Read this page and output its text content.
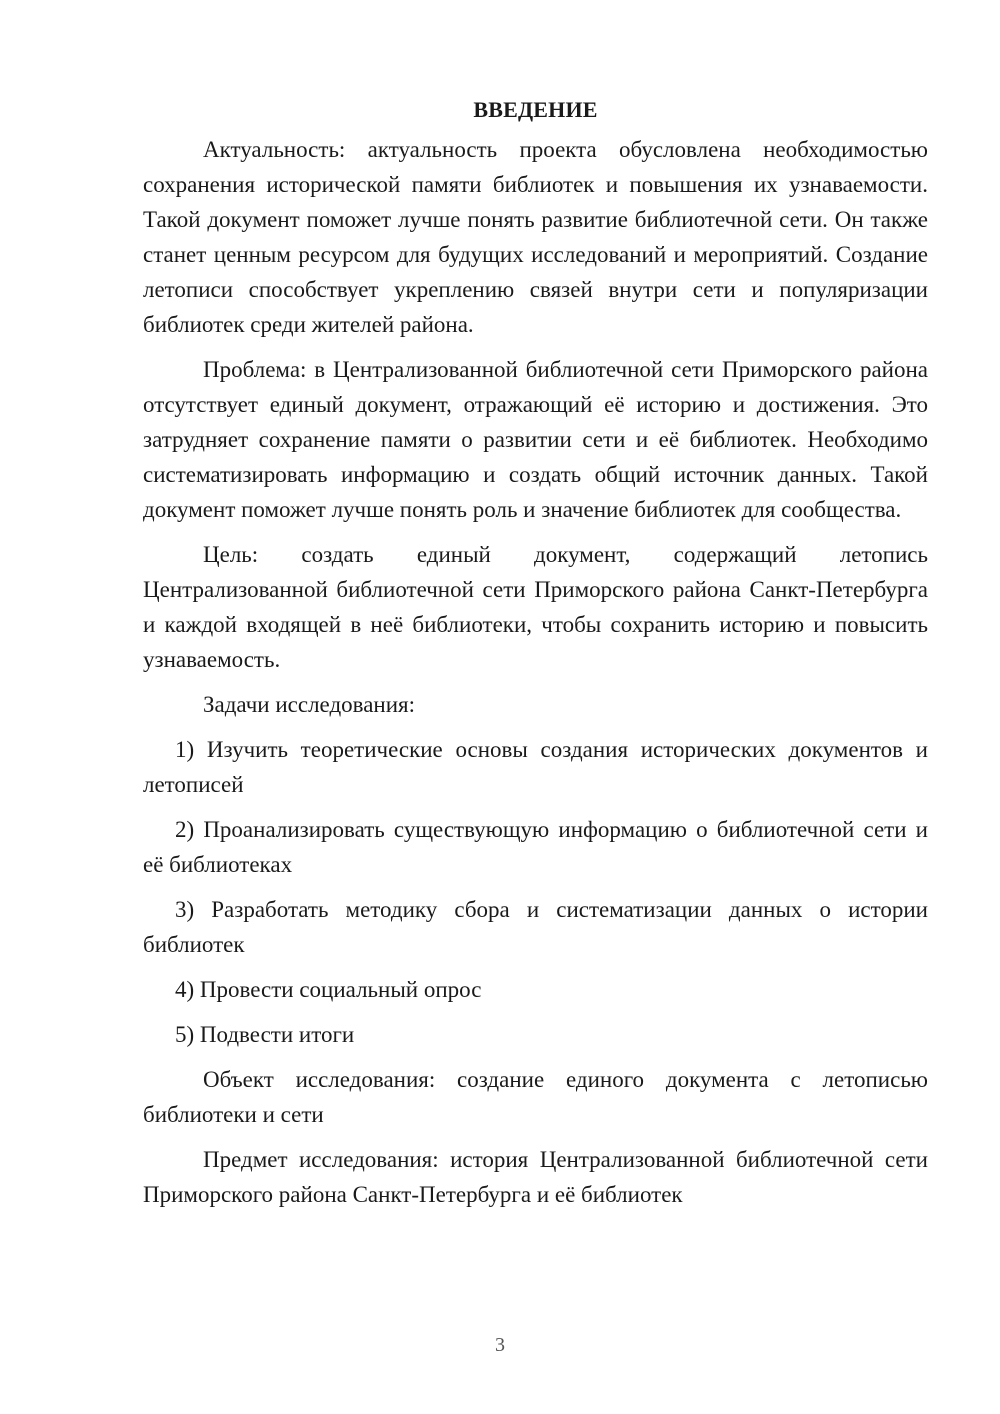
ВВЕДЕНИЕ

Актуальность: актуальность проекта обусловлена необходимостью сохранения исторической памяти библиотек и повышения их узнаваемости. Такой документ поможет лучше понять развитие библиотечной сети. Он также станет ценным ресурсом для будущих исследований и мероприятий. Создание летописи способствует укреплению связей внутри сети и популяризации библиотек среди жителей района.

Проблема: в Централизованной библиотечной сети Приморского района отсутствует единый документ, отражающий её историю и достижения. Это затрудняет сохранение памяти о развитии сети и её библиотек. Необходимо систематизировать информацию и создать общий источник данных. Такой документ поможет лучше понять роль и значение библиотек для сообщества.

Цель: создать единый документ, содержащий летопись Централизованной библиотечной сети Приморского района Санкт-Петербурга и каждой входящей в неё библиотеки, чтобы сохранить историю и повысить узнаваемость.

Задачи исследования:

1) Изучить теоретические основы создания исторических документов и летописей

2) Проанализировать существующую информацию о библиотечной сети и её библиотеках

3) Разработать методику сбора и систематизации данных о истории библиотек

4) Провести социальный опрос

5) Подвести итоги

Объект исследования: создание единого документа с летописью библиотеки и сети

Предмет исследования: история Централизованной библиотечной сети Приморского района Санкт-Петербурга и её библиотек

3
